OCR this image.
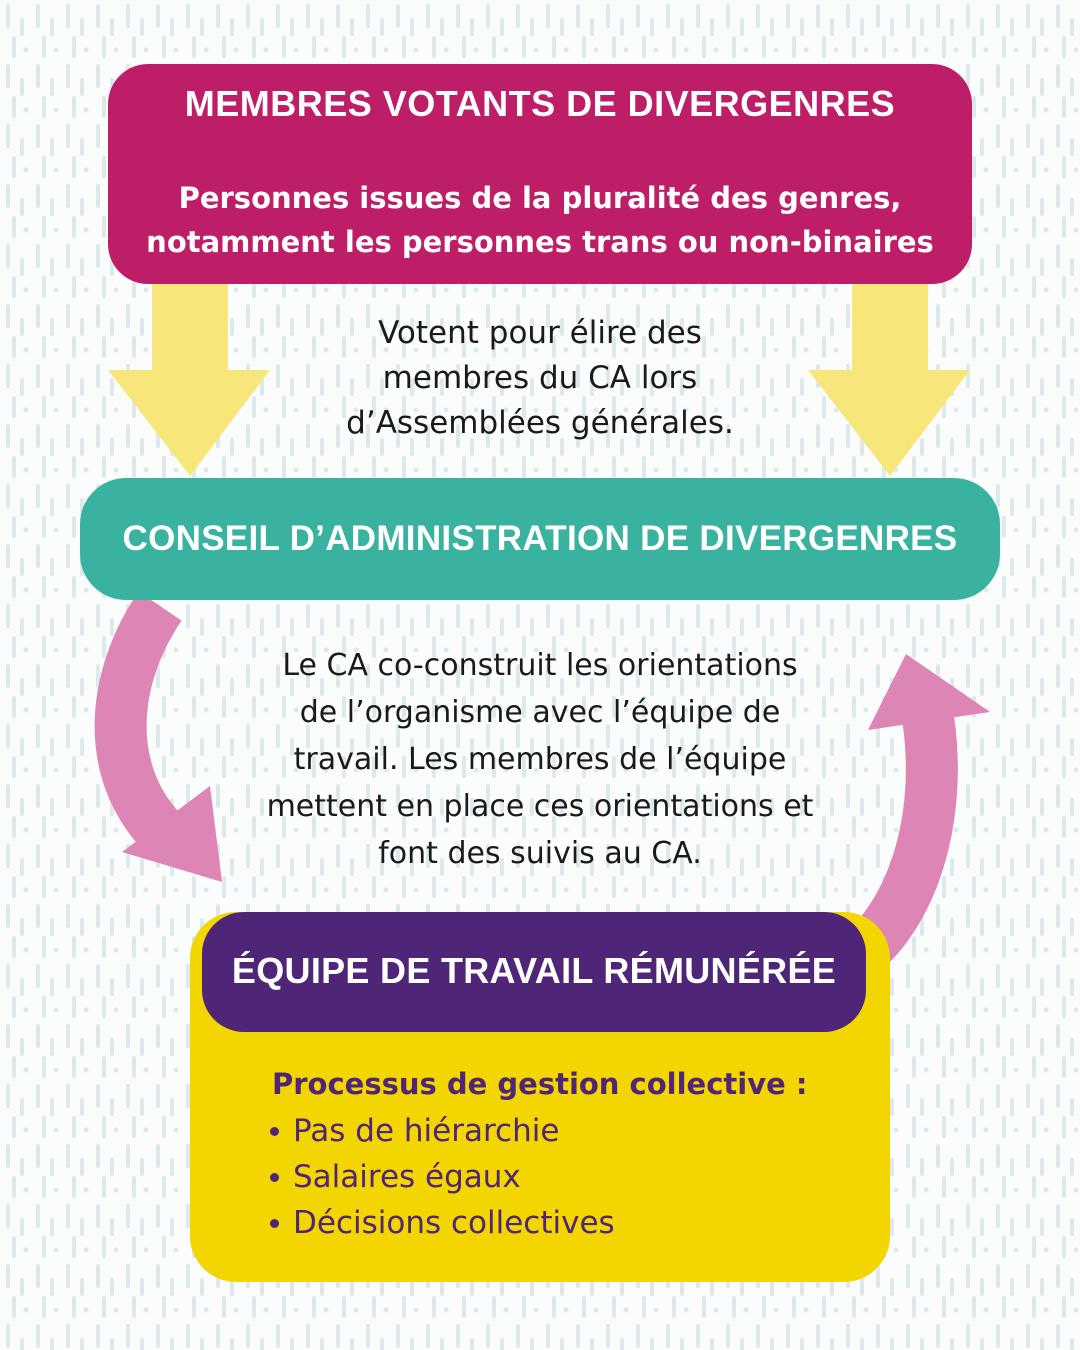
MEMBRES VOTANTS DE DIVERGENRES
Personnes issues de la pluralité des genres,
notamment les personnes trans ou non-binaires
Votent pour élire des
membres du CA lors
d’Assemblées générales.
CONSEIL D’ADMINISTRATION DE DIVERGENRES
Le CA co-construit les orientations
de l’organisme avec l’équipe de
travail. Les membres de l’équipe
mettent en place ces orientations et
font des suivis au CA.
ÉQUIPE DE TRAVAIL RÉMUNÉRÉE
Processus de gestion collective :
Pas de hiérarchie
Salaires égaux
Décisions collectives
